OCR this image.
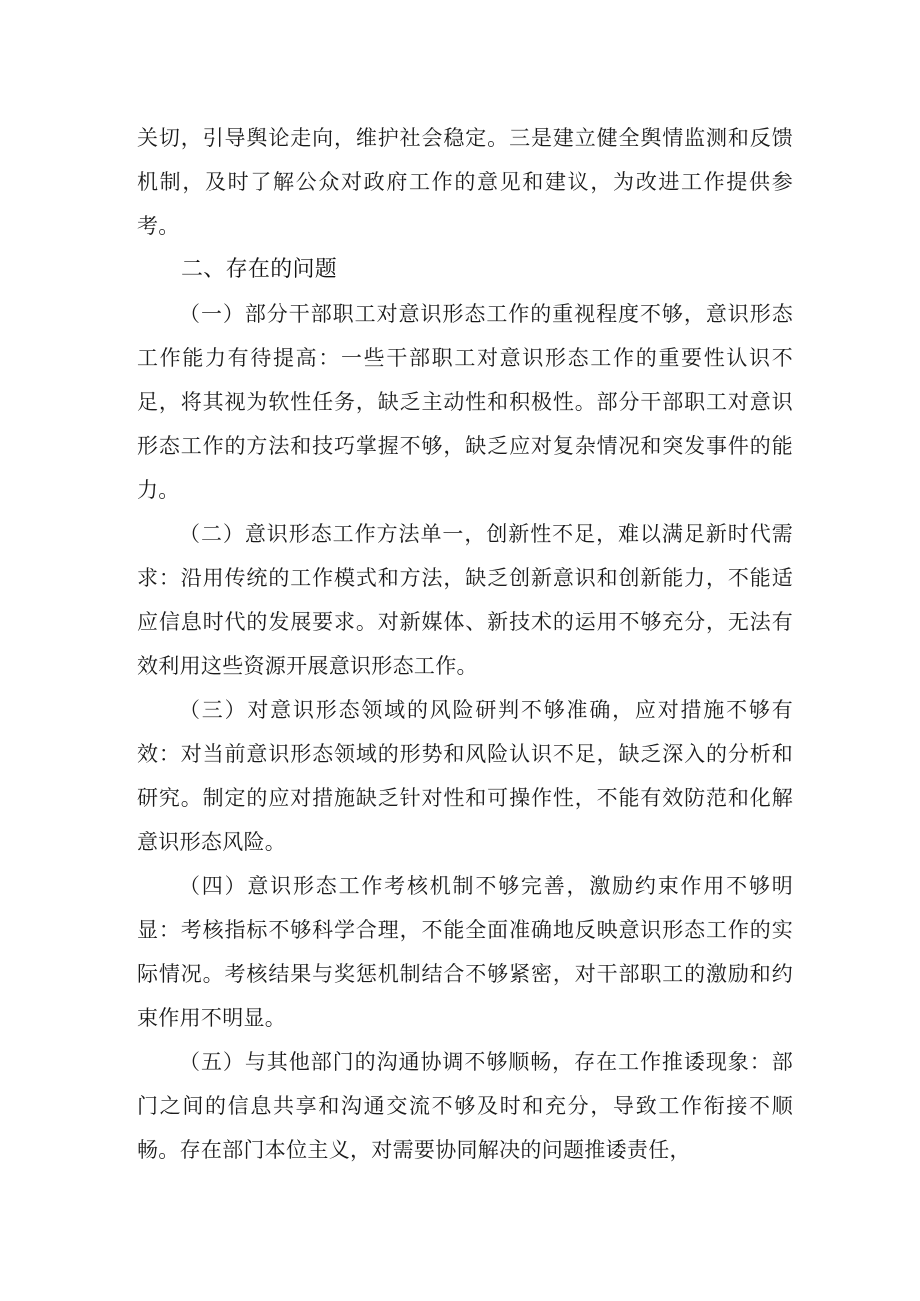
关切，引导舆论走向，维护社会稳定。三是建立健全舆情监测和反馈机制，及时了解公众对政府工作的意见和建议，为改进工作提供参考。

二、存在的问题

（一）部分干部职工对意识形态工作的重视程度不够，意识形态工作能力有待提高：一些干部职工对意识形态工作的重要性认识不足，将其视为软性任务，缺乏主动性和积极性。部分干部职工对意识形态工作的方法和技巧掌握不够，缺乏应对复杂情况和突发事件的能力。

（二）意识形态工作方法单一，创新性不足，难以满足新时代需求：沿用传统的工作模式和方法，缺乏创新意识和创新能力，不能适应信息时代的发展要求。对新媒体、新技术的运用不够充分，无法有效利用这些资源开展意识形态工作。

（三）对意识形态领域的风险研判不够准确，应对措施不够有效：对当前意识形态领域的形势和风险认识不足，缺乏深入的分析和研究。制定的应对措施缺乏针对性和可操作性，不能有效防范和化解意识形态风险。

（四）意识形态工作考核机制不够完善，激励约束作用不够明显：考核指标不够科学合理，不能全面准确地反映意识形态工作的实际情况。考核结果与奖惩机制结合不够紧密，对干部职工的激励和约束作用不明显。

（五）与其他部门的沟通协调不够顺畅，存在工作推诿现象：部门之间的信息共享和沟通交流不够及时和充分，导致工作衔接不顺畅。存在部门本位主义，对需要协同解决的问题推诿责任，
